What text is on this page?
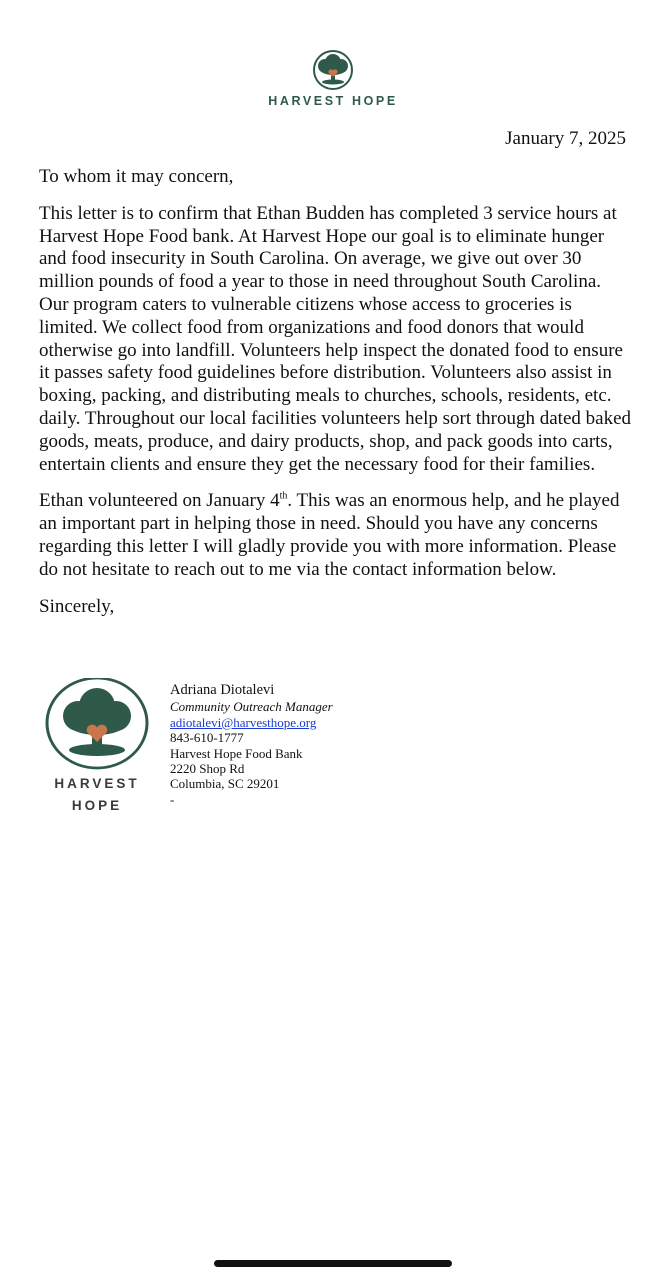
HARVEST HOPE
January 7, 2025

To whom it may concern,

This letter is to confirm that Ethan Budden has completed 3 service hours at Harvest Hope Food bank. At Harvest Hope our goal is to eliminate hunger and food insecurity in South Carolina. On average, we give out over 30 million pounds of food a year to those in need throughout South Carolina. Our program caters to vulnerable citizens whose access to groceries is limited. We collect food from organizations and food donors that would otherwise go into landfill. Volunteers help inspect the donated food to ensure it passes safety food guidelines before distribution. Volunteers also assist in boxing, packing, and distributing meals to churches, schools, residents, etc. daily. Throughout our local facilities volunteers help sort through dated baked goods, meats, produce, and dairy products, shop, and pack goods into carts, entertain clients and ensure they get the necessary food for their families.

Ethan volunteered on January 4th. This was an enormous help, and he played an important part in helping those in need. Should you have any concerns regarding this letter I will gladly provide you with more information. Please do not hesitate to reach out to me via the contact information below.

Sincerely,

HARVEST
HOPE
Adriana Diotalevi
Community Outreach Manager
adiotalevi@harvesthope.org
843-610-1777
Harvest Hope Food Bank
2220 Shop Rd
Columbia, SC 29201
-
